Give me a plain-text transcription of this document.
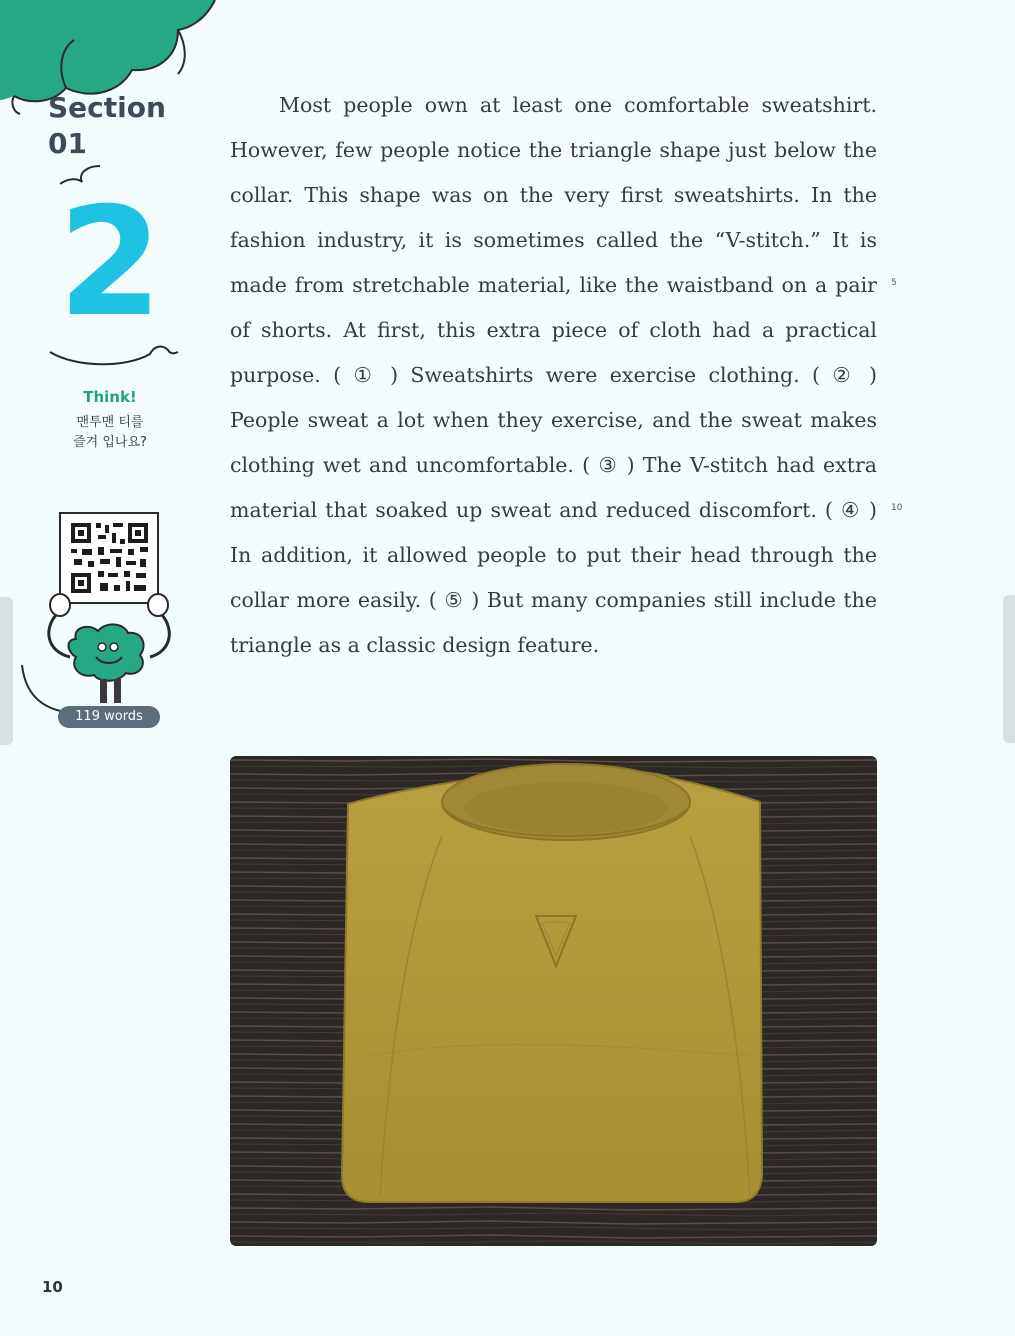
Section
01
2
Think!
맨투맨 티를
즐겨 입나요?
119 words

Most people own at least one comfortable sweatshirt. However, few people notice the triangle shape just below the collar. This shape was on the very first sweatshirts. In the fashion industry, it is sometimes called the “V-stitch.” It is made from stretchable material, like the waistband on a pair of shorts. At first, this extra piece of cloth had a practical purpose. ( ① ) Sweatshirts were exercise clothing. ( ② ) People sweat a lot when they exercise, and the sweat makes clothing wet and uncomfortable. ( ③ ) The V-stitch had extra material that soaked up sweat and reduced discomfort. ( ④ ) In addition, it allowed people to put their head through the collar more easily. ( ⑤ ) But many companies still include the triangle as a classic design feature.

5
10
10
